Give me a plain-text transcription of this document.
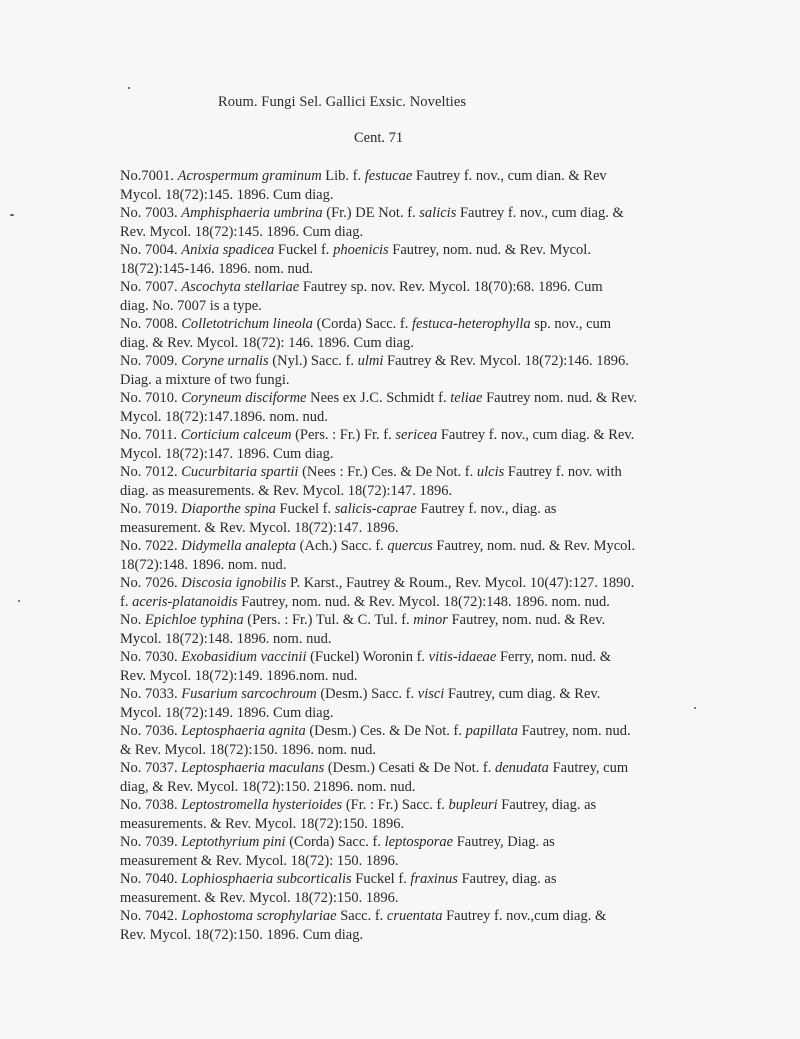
Roum. Fungi Sel. Gallici Exsic. Novelties
Cent. 71
No.7001. Acrospermum graminum Lib. f. festucae Fautrey f. nov., cum dian. & Rev
Mycol. 18(72):145. 1896. Cum diag.
No. 7003. Amphisphaeria umbrina (Fr.) DE Not. f. salicis Fautrey f. nov., cum diag. &
Rev. Mycol. 18(72):145. 1896. Cum diag.
No. 7004. Anixia spadicea Fuckel f. phoenicis Fautrey, nom. nud. & Rev. Mycol.
18(72):145-146. 1896. nom. nud.
No. 7007. Ascochyta stellariae Fautrey sp. nov. Rev. Mycol. 18(70):68. 1896. Cum
diag. No. 7007 is a type.
No. 7008. Colletotrichum lineola (Corda) Sacc. f. festuca-heterophylla sp. nov., cum
diag. & Rev. Mycol. 18(72): 146. 1896. Cum diag.
No. 7009. Coryne urnalis (Nyl.) Sacc. f. ulmi Fautrey & Rev. Mycol. 18(72):146. 1896.
Diag. a mixture of two fungi.
No. 7010. Coryneum disciforme Nees ex J.C. Schmidt f. teliae Fautrey nom. nud. & Rev.
Mycol. 18(72):147.1896. nom. nud.
No. 7011. Corticium calceum (Pers. : Fr.) Fr. f. sericea Fautrey f. nov., cum diag. & Rev.
Mycol. 18(72):147. 1896. Cum diag.
No. 7012. Cucurbitaria spartii (Nees : Fr.) Ces. & De Not. f. ulcis Fautrey f. nov. with
diag. as measurements. & Rev. Mycol. 18(72):147. 1896.
No. 7019. Diaporthe spina Fuckel f. salicis-caprae Fautrey f. nov., diag. as
measurement. & Rev. Mycol. 18(72):147. 1896.
No. 7022. Didymella analepta (Ach.) Sacc. f. quercus Fautrey, nom. nud. & Rev. Mycol.
18(72):148. 1896. nom. nud.
No. 7026. Discosia ignobilis P. Karst., Fautrey & Roum., Rev. Mycol. 10(47):127. 1890.
f. aceris-platanoidis Fautrey, nom. nud. & Rev. Mycol. 18(72):148. 1896. nom. nud.
No. Epichloe typhina (Pers. : Fr.) Tul. & C. Tul. f. minor Fautrey, nom. nud. & Rev.
Mycol. 18(72):148. 1896. nom. nud.
No. 7030. Exobasidium vaccinii (Fuckel) Woronin f. vitis-idaeae Ferry, nom. nud. &
Rev. Mycol. 18(72):149. 1896.nom. nud.
No. 7033. Fusarium sarcochroum (Desm.) Sacc. f. visci Fautrey, cum diag. & Rev.
Mycol. 18(72):149. 1896. Cum diag.
No. 7036. Leptosphaeria agnita (Desm.) Ces. & De Not. f. papillata Fautrey, nom. nud.
& Rev. Mycol. 18(72):150. 1896. nom. nud.
No. 7037. Leptosphaeria maculans (Desm.) Cesati & De Not. f. denudata Fautrey, cum
diag, & Rev. Mycol. 18(72):150. 21896. nom. nud.
No. 7038. Leptostromella hysterioides (Fr. : Fr.) Sacc. f. bupleuri Fautrey, diag. as
measurements. & Rev. Mycol. 18(72):150. 1896.
No. 7039. Leptothyrium pini (Corda) Sacc. f. leptosporae Fautrey, Diag. as
measurement & Rev. Mycol. 18(72): 150. 1896.
No. 7040. Lophiosphaeria subcorticalis Fuckel f. fraxinus Fautrey, diag. as
measurement. & Rev. Mycol. 18(72):150. 1896.
No. 7042. Lophostoma scrophylariae Sacc. f. cruentata Fautrey f. nov.,cum diag. &
Rev. Mycol. 18(72):150. 1896. Cum diag.
